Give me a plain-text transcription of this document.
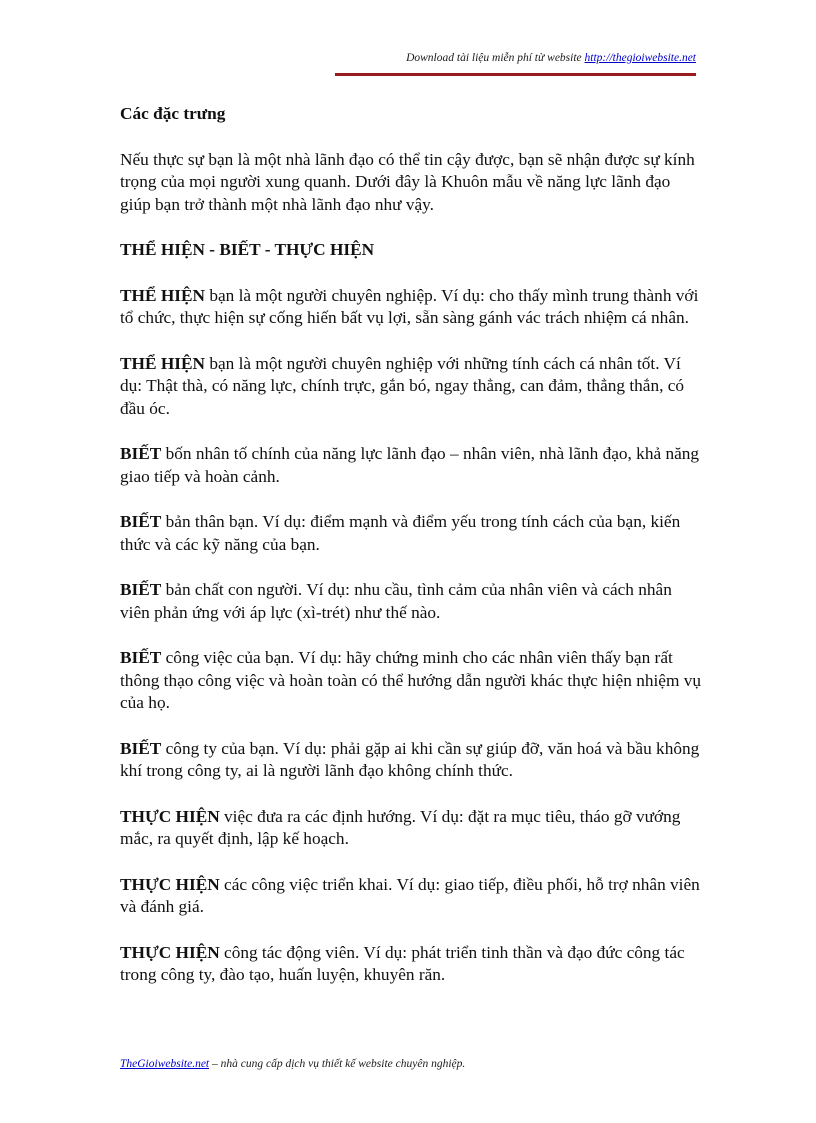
Download tài liệu miễn phí từ website http://thegioiwebsite.net
Các đặc trưng

Nếu thực sự bạn là một nhà lãnh đạo có thể tin cậy được, bạn sẽ nhận được sự kính trọng của mọi người xung quanh. Dưới đây là Khuôn mẫu về năng lực lãnh đạo giúp bạn trở thành một nhà lãnh đạo như vậy.

THỂ HIỆN - BIẾT - THỰC HIỆN

THỂ HIỆN bạn là một người chuyên nghiệp. Ví dụ: cho thấy mình trung thành với tổ chức, thực hiện sự cống hiến bất vụ lợi, sẵn sàng gánh vác trách nhiệm cá nhân.

THỂ HIỆN bạn là một người chuyên nghiệp với những tính cách cá nhân tốt. Ví dụ: Thật thà, có năng lực, chính trực, gắn bó, ngay thẳng, can đảm, thẳng thắn, có đầu óc.

BIẾT bốn nhân tố chính của năng lực lãnh đạo – nhân viên, nhà lãnh đạo, khả năng giao tiếp và hoàn cảnh.

BIẾT bản thân bạn. Ví dụ: điểm mạnh và điểm yếu trong tính cách của bạn, kiến thức và các kỹ năng của bạn.

BIẾT bản chất con người. Ví dụ: nhu cầu, tình cảm của nhân viên và cách nhân viên phản ứng với áp lực (xì-trét) như thế nào.

BIẾT công việc của bạn. Ví dụ: hãy chứng minh cho các nhân viên thấy bạn rất thông thạo công việc và hoàn toàn có thể hướng dẫn người khác thực hiện nhiệm vụ của họ.

BIẾT công ty của bạn. Ví dụ: phải gặp ai khi cần sự giúp đỡ, văn hoá và bầu không khí trong công ty, ai là người lãnh đạo không chính thức.

THỰC HIỆN việc đưa ra các định hướng. Ví dụ: đặt ra mục tiêu, tháo gỡ vướng mắc, ra quyết định, lập kế hoạch.

THỰC HIỆN các công việc triển khai. Ví dụ: giao tiếp, điều phối, hỗ trợ nhân viên và đánh giá.

THỰC HIỆN công tác động viên. Ví dụ: phát triển tinh thần và đạo đức công tác trong công ty, đào tạo, huấn luyện, khuyên răn.

TheGioiwebsite.net – nhà cung cấp dịch vụ thiết kế website chuyên nghiệp.
